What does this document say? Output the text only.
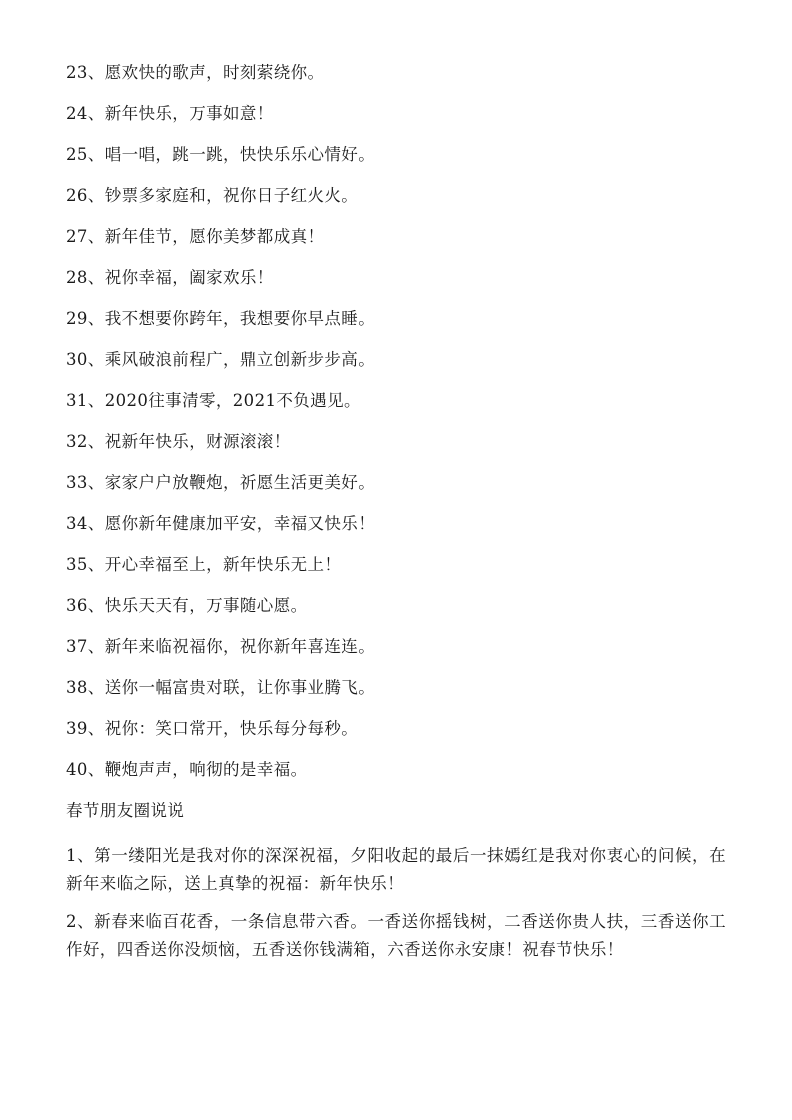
23、愿欢快的歌声，时刻萦绕你。
24、新年快乐，万事如意！
25、唱一唱，跳一跳，快快乐乐心情好。
26、钞票多家庭和，祝你日子红火火。
27、新年佳节，愿你美梦都成真！
28、祝你幸福，阖家欢乐！
29、我不想要你跨年，我想要你早点睡。
30、乘风破浪前程广，鼎立创新步步高。
31、2020往事清零，2021不负遇见。
32、祝新年快乐，财源滚滚！
33、家家户户放鞭炮，祈愿生活更美好。
34、愿你新年健康加平安，幸福又快乐！
35、开心幸福至上，新年快乐无上！
36、快乐天天有，万事随心愿。
37、新年来临祝福你，祝你新年喜连连。
38、送你一幅富贵对联，让你事业腾飞。
39、祝你：笑口常开，快乐每分每秒。
40、鞭炮声声，响彻的是幸福。
春节朋友圈说说

1、第一缕阳光是我对你的深深祝福，夕阳收起的最后一抹嫣红是我对你衷心的问候，在新年来临之际，送上真挚的祝福：新年快乐！

2、新春来临百花香，一条信息带六香。一香送你摇钱树，二香送你贵人扶，三香送你工作好，四香送你没烦恼，五香送你钱满箱，六香送你永安康！祝春节快乐！
